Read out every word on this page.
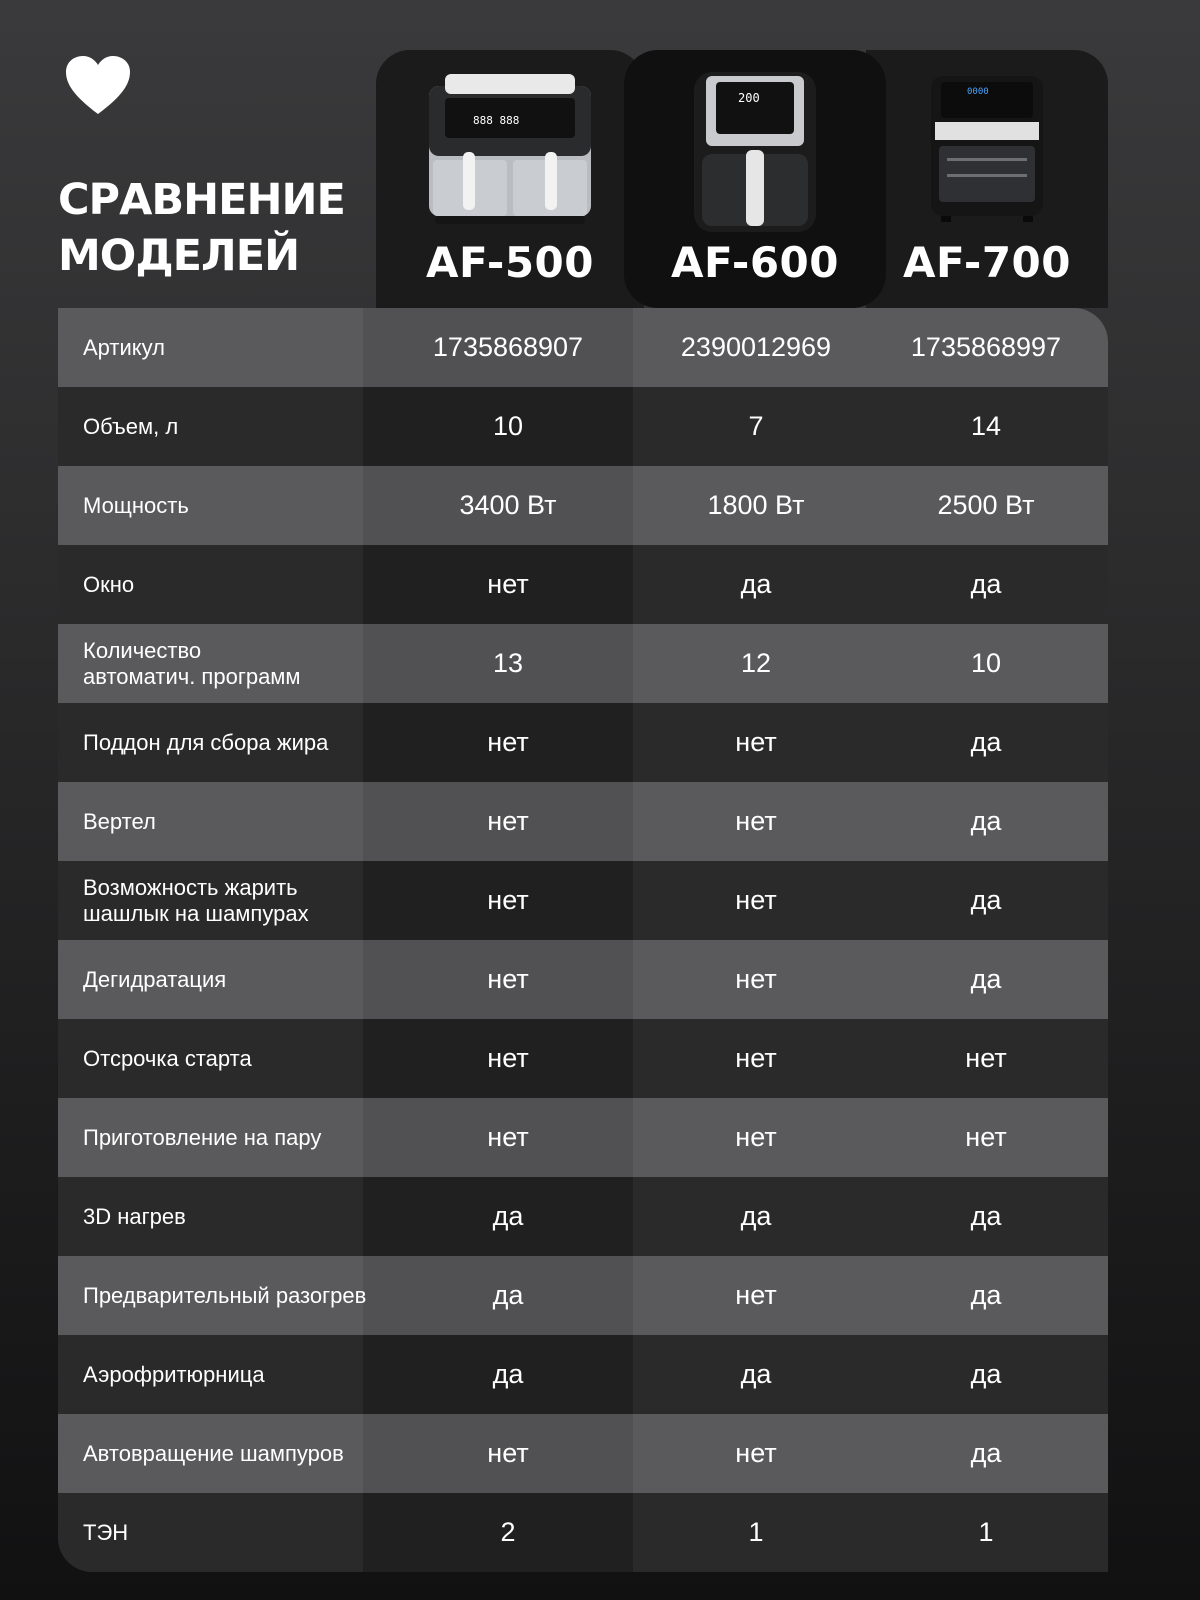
СРАВНЕНИЕ
МОДЕЛЕЙ
888 888
AF-500
200
AF-600
0000
AF-700
Артикул	1735868907	2390012969	1735868997
Объем, л	10	7	14
Мощность	3400 Вт	1800 Вт	2500 Вт
Окно	нет	да	да
Количество
автоматич. программ	13	12	10
Поддон для сбора жира	нет	нет	да
Вертел	нет	нет	да
Возможность жарить
шашлык на шампурах	нет	нет	да
Дегидратация	нет	нет	да
Отсрочка старта	нет	нет	нет
Приготовление на пару	нет	нет	нет
3D нагрев	да	да	да
Предварительный разогрев	да	нет	да
Аэрофритюрница	да	да	да
Автовращение шампуров	нет	нет	да
ТЭН	2	1	1
